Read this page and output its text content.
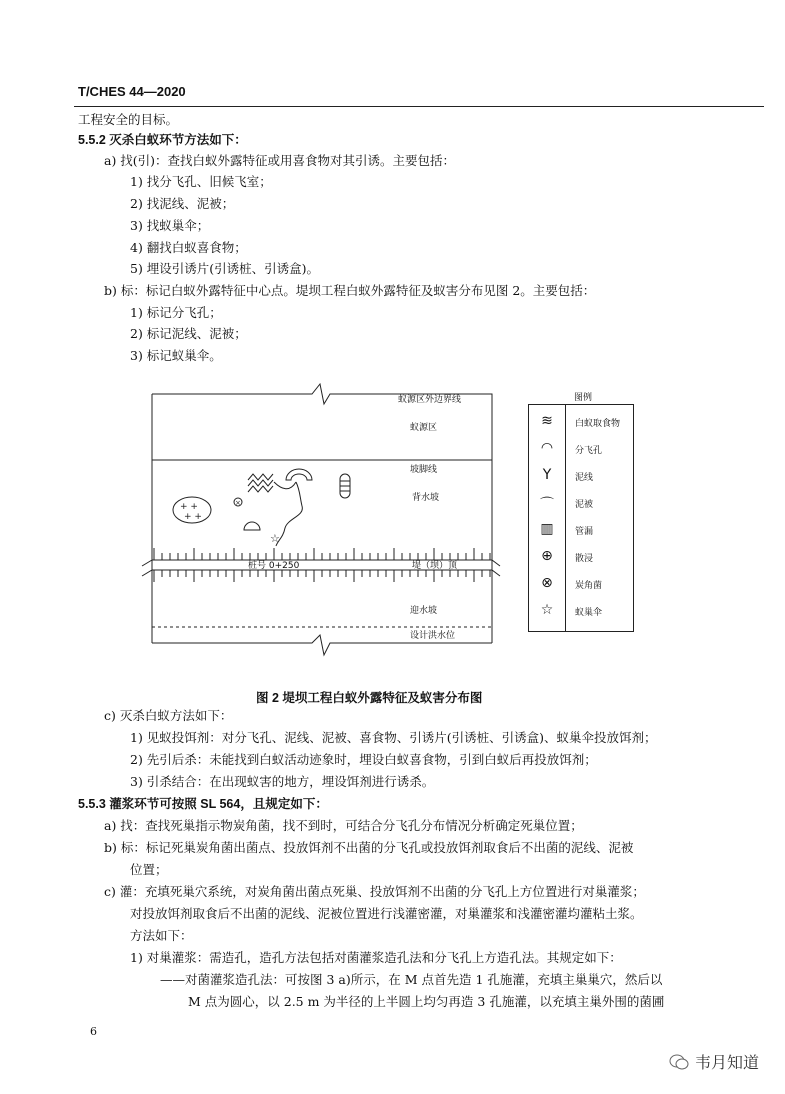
T/CHES 44—2020
工程安全的目标。
5.5.2 灭杀白蚁环节方法如下：
a) 找(引)：查找白蚁外露特征或用喜食物对其引诱。主要包括：
1) 找分飞孔、旧候飞室；
2) 找泥线、泥被；
3) 找蚁巢伞；
4) 翻找白蚁喜食物；
5) 埋设引诱片(引诱桩、引诱盒)。
b) 标：标记白蚁外露特征中心点。堤坝工程白蚁外露特征及蚁害分布见图 2。主要包括：
1) 标记分飞孔；
2) 标记泥线、泥被；
3) 标记蚁巢伞。
c) 灭杀白蚁方法如下：
1) 见蚁投饵剂：对分飞孔、泥线、泥被、喜食物、引诱片(引诱桩、引诱盒)、蚁巢伞投放饵剂；
2) 先引后杀：未能找到白蚁活动迹象时，埋设白蚁喜食物，引到白蚁后再投放饵剂；
3) 引杀结合：在出现蚁害的地方，埋设饵剂进行诱杀。
5.5.3 灌浆环节可按照 SL 564，且规定如下：
a) 找：查找死巢指示物炭角菌，找不到时，可结合分飞孔分布情况分析确定死巢位置；
b) 标：标记死巢炭角菌出菌点、投放饵剂不出菌的分飞孔或投放饵剂取食后不出菌的泥线、泥被
位置；
c) 灌：充填死巢穴系统，对炭角菌出菌点死巢、投放饵剂不出菌的分飞孔上方位置进行对巢灌浆；
对投放饵剂取食后不出菌的泥线、泥被位置进行浅灌密灌，对巢灌浆和浅灌密灌均灌粘土浆。
方法如下：
1) 对巢灌浆：需造孔，造孔方法包括对菌灌浆造孔法和分飞孔上方造孔法。其规定如下：
——对菌灌浆造孔法：可按图 3 a)所示，在 M 点首先造 1 孔施灌，充填主巢巢穴，然后以
M 点为圆心，以 2.5 m 为半径的上半圆上均匀再造 3 孔施灌，以充填主巢外围的菌圃
+ +
+ +
×
☆
蚁源区外边界线
蚁源区
坡脚线
背水坡
桩号 0+250	堤（坝）顶
迎水坡
设计洪水位
≋	白蚁取食物
◠	分飞孔
Y	泥线
⌒	泥被
▥	管漏
⊕	散浸
⊗	炭角菌
☆	蚁巢伞
图例
图 2 堤坝工程白蚁外露特征及蚁害分布图
6
韦月知道
